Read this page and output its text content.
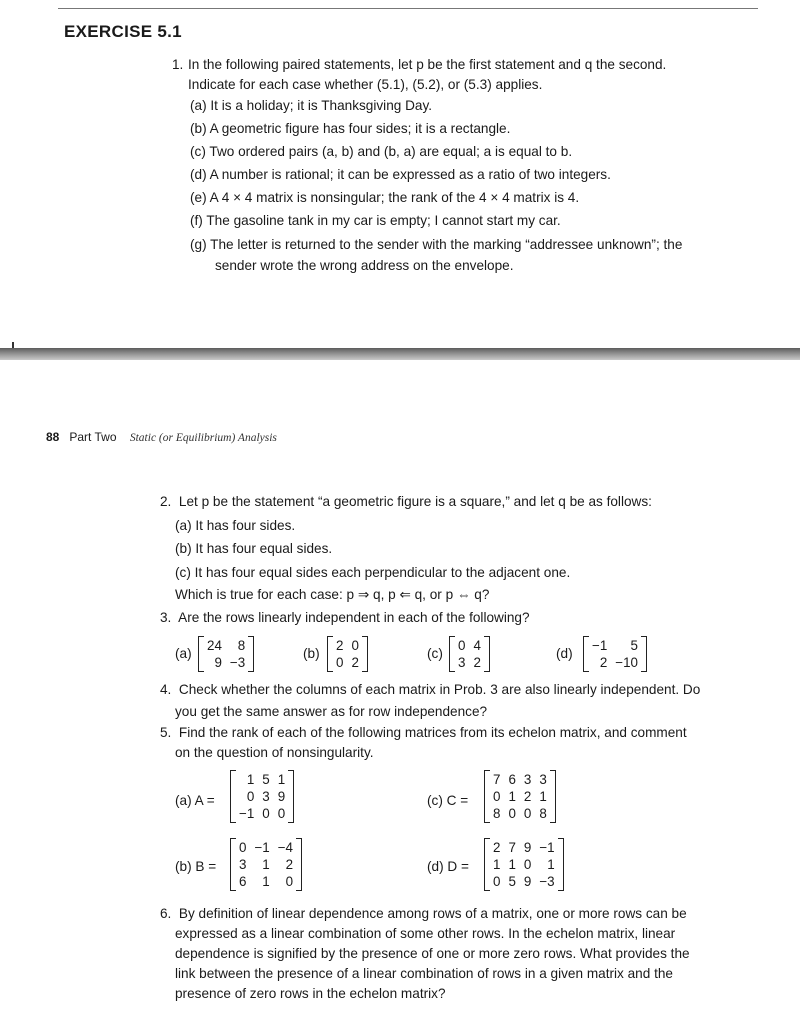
EXERCISE 5.1
1. In the following paired statements, let p be the first statement and q the second.
Indicate for each case whether (5.1), (5.2), or (5.3) applies.
(a) It is a holiday; it is Thanksgiving Day.
(b) A geometric figure has four sides; it is a rectangle.
(c) Two ordered pairs (a, b) and (b, a) are equal; a is equal to b.
(d) A number is rational; it can be expressed as a ratio of two integers.
(e) A 4 × 4 matrix is nonsingular; the rank of the 4 × 4 matrix is 4.
(f) The gasoline tank in my car is empty; I cannot start my car.
(g) The letter is returned to the sender with the marking “addressee unknown”; the
sender wrote the wrong address on the envelope.
88 Part Two Static (or Equilibrium) Analysis
2. Let p be the statement “a geometric figure is a square,” and let q be as follows:
(a) It has four sides.
(b) It has four equal sides.
(c) It has four equal sides each perpendicular to the adjacent one.
Which is true for each case: p ⇒ q, p ⇐ q, or p ⇔ q?
3. Are the rows linearly independent in each of the following?
(a)
24	8
9	−3
(b)
2	0
0	2
(c)
0	4
3	2
(d)
−1	5
2	−10
4. Check whether the columns of each matrix in Prob. 3 are also linearly independent. Do
you get the same answer as for row independence?
5. Find the rank of each of the following matrices from its echelon matrix, and comment
on the question of nonsingularity.
(a) A =
1	5	1
0	3	9
−1	0	0
(c) C =
7	6	3	3
0	1	2	1
8	0	0	8
(b) B =
0	−1	−4
3	1	2
6	1	0
(d) D =
2	7	9	−1
1	1	0	1
0	5	9	−3
6. By definition of linear dependence among rows of a matrix, one or more rows can be
expressed as a linear combination of some other rows. In the echelon matrix, linear
dependence is signified by the presence of one or more zero rows. What provides the
link between the presence of a linear combination of rows in a given matrix and the
presence of zero rows in the echelon matrix?
